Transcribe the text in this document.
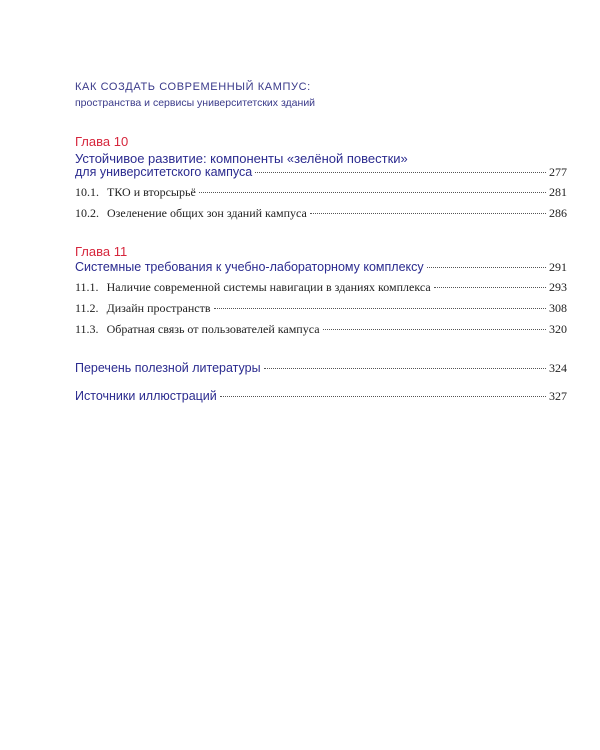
КАК СОЗДАТЬ СОВРЕМЕННЫЙ КАМПУС:
пространства и сервисы университетских зданий
Глава 10
Устойчивое развитие: компоненты «зелёной повестки»
для университетского кампуса	277
10.1. ТКО и вторсырьё	281
10.2. Озеленение общих зон зданий кампуса	286
Глава 11
Системные требования к учебно-лабораторному комплексу	291
11.1. Наличие современной системы навигации в зданиях комплекса	293
11.2. Дизайн пространств	308
11.3. Обратная связь от пользователей кампуса	320
Перечень полезной литературы	324
Источники иллюстраций	327
